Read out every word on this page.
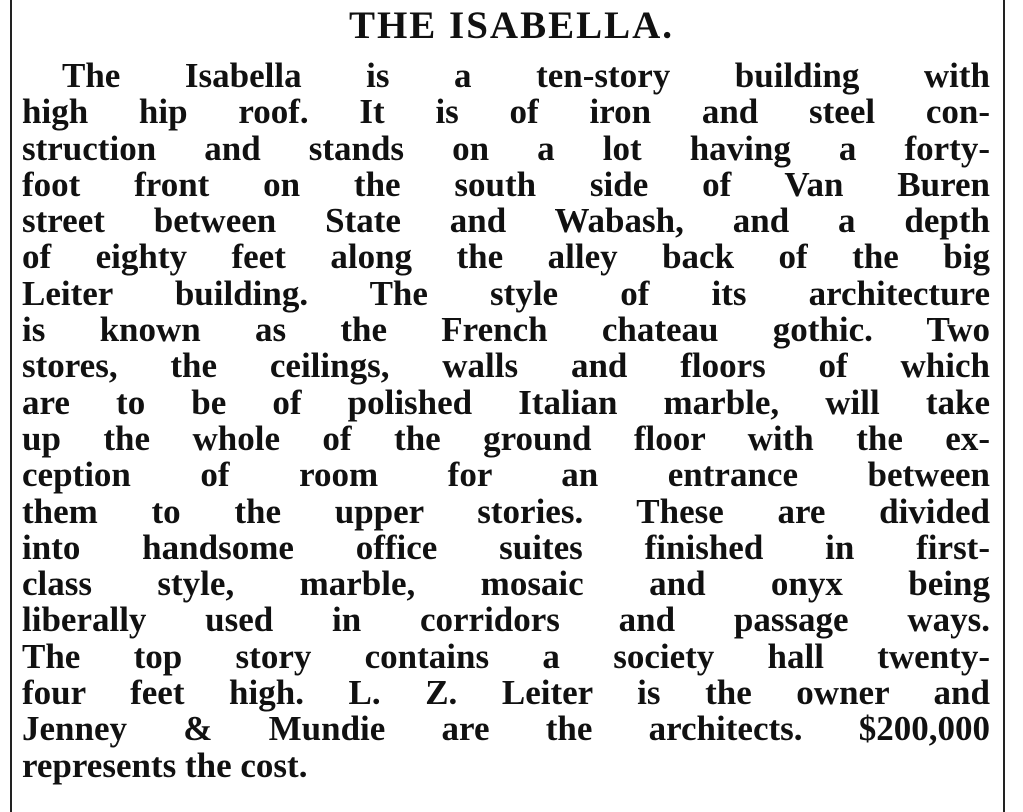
THE ISABELLA.
The Isabella is a ten-story building with
high hip roof. It is of iron and steel con-
struction and stands on a lot having a forty-
foot front on the south side of Van Buren
street between State and Wabash, and a depth
of eighty feet along the alley back of the big
Leiter building. The style of its architecture
is known as the French chateau gothic. Two
stores, the ceilings, walls and floors of which
are to be of polished Italian marble, will take
up the whole of the ground floor with the ex-
ception of room for an entrance between
them to the upper stories. These are divided
into handsome office suites finished in first-
class style, marble, mosaic and onyx being
liberally used in corridors and passage ways.
The top story contains a society hall twenty-
four feet high. L. Z. Leiter is the owner and
Jenney & Mundie are the architects. $200,000
represents the cost.
